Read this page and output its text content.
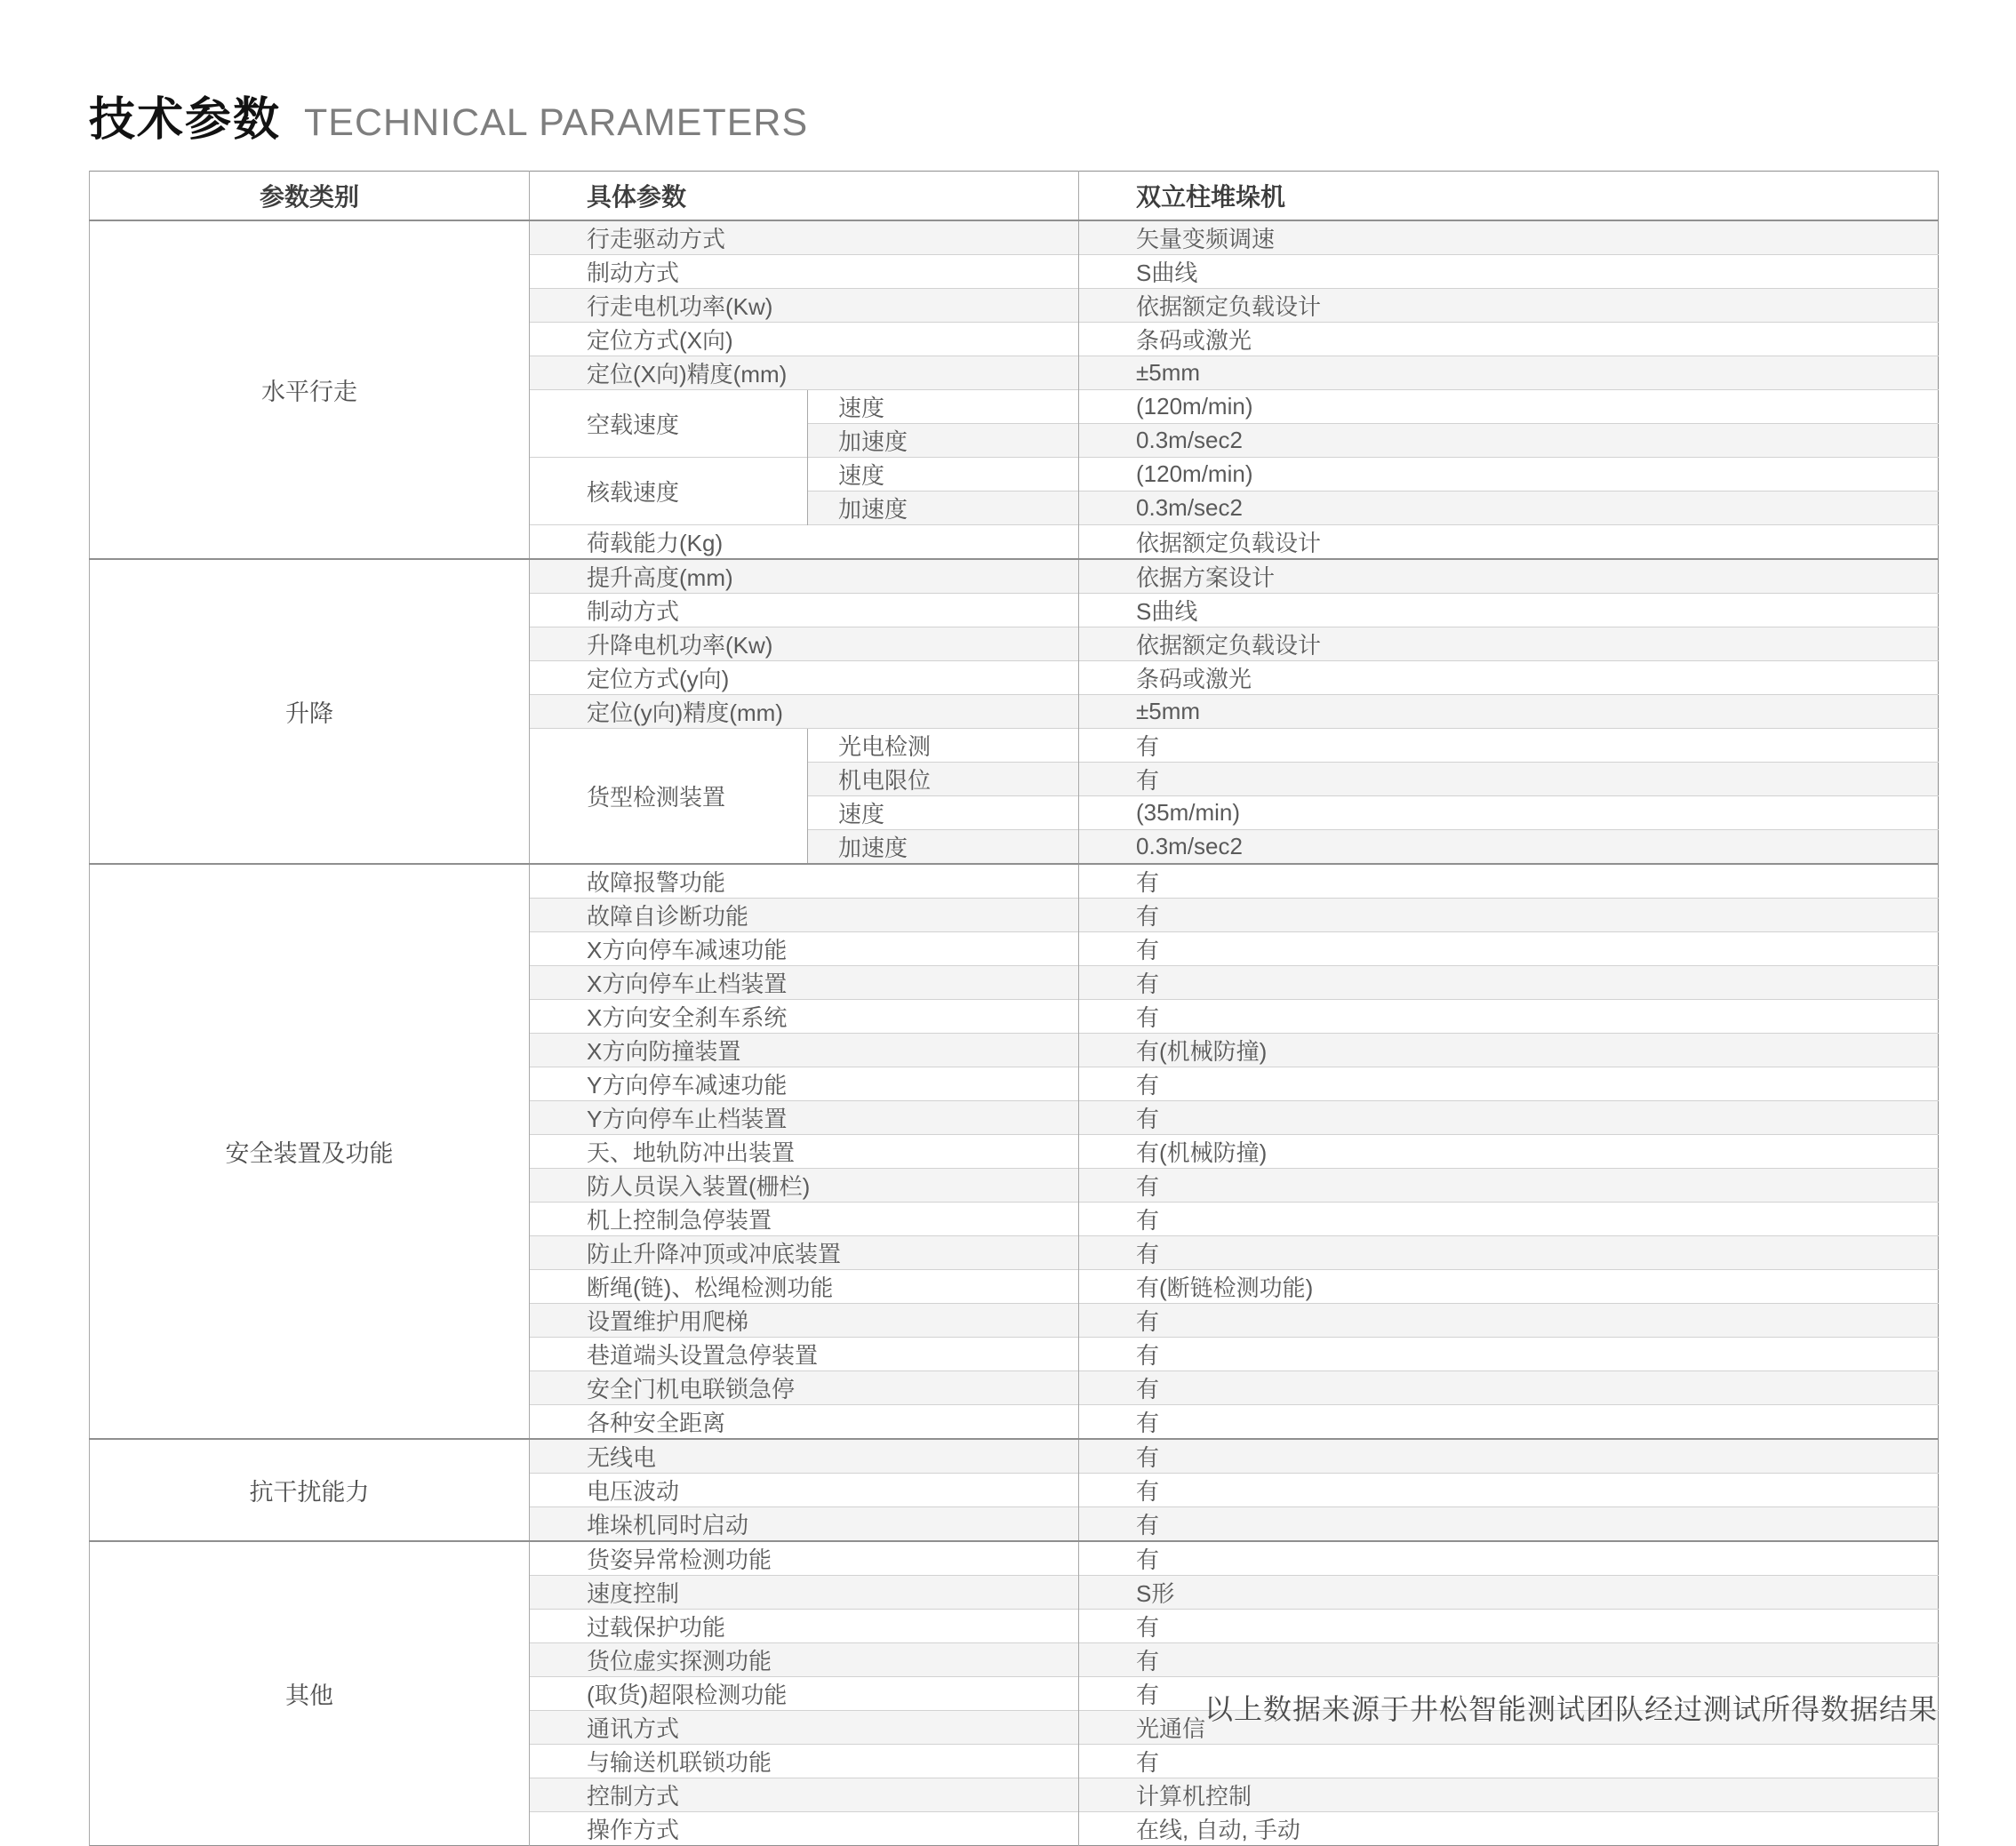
技术参数 TECHNICAL PARAMETERS
参数类别	具体参数		双立柱堆垛机
水平行走	行走驱动方式		矢量变频调速
	制动方式		S曲线
	行走电机功率(Kw)		依据额定负载设计
	定位方式(X向)		条码或激光
	定位(X向)精度(mm)		±5mm
	空载速度	速度	(120m/min)
		加速度	0.3m/sec2
	核载速度	速度	(120m/min)
		加速度	0.3m/sec2
	荷载能力(Kg)		依据额定负载设计
升降	提升高度(mm)		依据方案设计
	制动方式		S曲线
	升降电机功率(Kw)		依据额定负载设计
	定位方式(y向)		条码或激光
	定位(y向)精度(mm)		±5mm
	货型检测装置	光电检测	有
		机电限位	有
		速度	(35m/min)
		加速度	0.3m/sec2
安全装置及功能	故障报警功能		有
	故障自诊断功能		有
	X方向停车减速功能		有
	X方向停车止档装置		有
	X方向安全刹车系统		有
	X方向防撞装置		有(机械防撞)
	Y方向停车减速功能		有
	Y方向停车止档装置		有
	天、地轨防冲出装置		有(机械防撞)
	防人员误入装置(栅栏)		有
	机上控制急停装置		有
	防止升降冲顶或冲底装置		有
	断绳(链)、松绳检测功能		有(断链检测功能)
	设置维护用爬梯		有
	巷道端头设置急停装置		有
	安全门机电联锁急停		有
	各种安全距离		有
抗干扰能力	无线电		有
	电压波动		有
	堆垛机同时启动		有
其他	货姿异常检测功能		有
	速度控制		S形
	过载保护功能		有
	货位虚实探测功能		有
	(取货)超限检测功能		有
	通讯方式		光通信
	与输送机联锁功能		有
	控制方式		计算机控制
	操作方式		在线, 自动, 手动
以上数据来源于井松智能测试团队经过测试所得数据结果
